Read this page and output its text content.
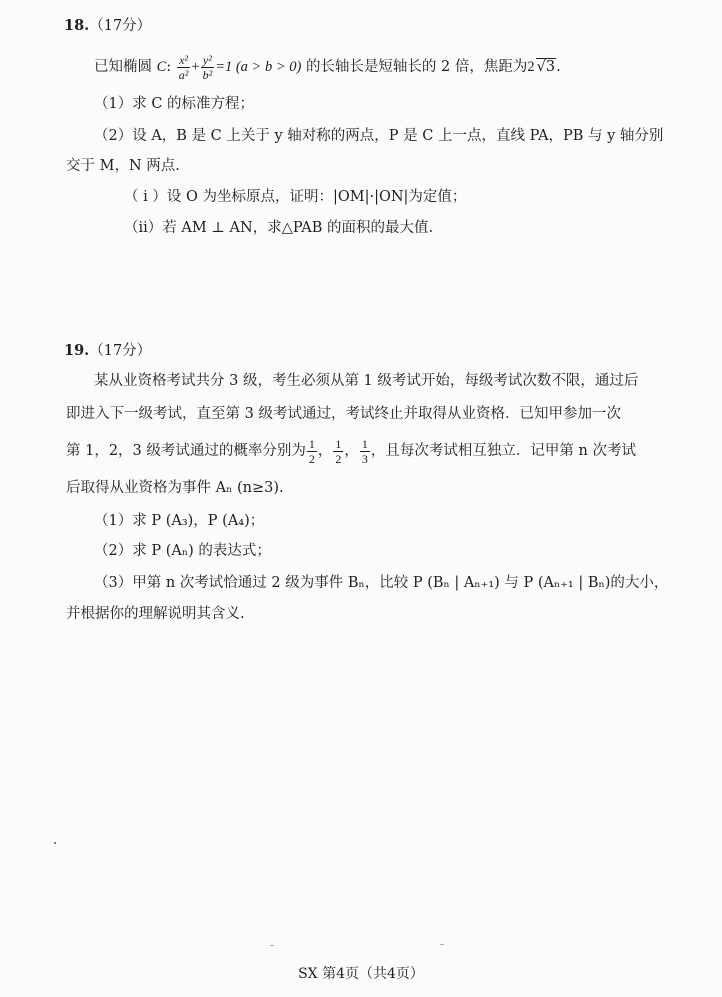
18.（17分）
已知椭圆 C: $\frac{\text{x²}}{\text{a²}} + \frac{\text{y²}}{\text{b²}} =1$ (a > b > 0) 的长轴长是短轴长的 2 倍，焦距为2 √3.
（1）求 C 的标准方程；
（2）设 A，B 是 C 上关于 y 轴对称的两点，P 是 C 上一点，直线 PA，PB 与 y 轴分别
交于 M，N 两点.
（ i ）设 O 为坐标原点，证明：|OM|·|ON|为定值；
（ii）若 AM ⊥ AN，求△PAB 的面积的最大值.
19.（17分）
某从业资格考试共分 3 级，考生必须从第 1 级考试开始，每级考试次数不限，通过后
即进入下一级考试，直至第 3 级考试通过，考试终止并取得从业资格．已知甲参加一次
第 1，2，3 级考试通过的概率分别为 $\frac{1}{2}$ ， $\frac{1}{2}$ ， $\frac{1}{3}$ ，且每次考试相互独立．记甲第 n 次考试
后取得从业资格为事件 Aₙ (n≥3).
（1）求 P (A₃)，P (A₄)；
（2）求 P (Aₙ) 的表达式；
（3）甲第 n 次考试恰通过 2 级为事件 Bₙ，比较 P (Bₙ | Aₙ₊₁) 与 P (Aₙ₊₁ | Bₙ)的大小，
并根据你的理解说明其含义.
SX 第4页（共4页）
